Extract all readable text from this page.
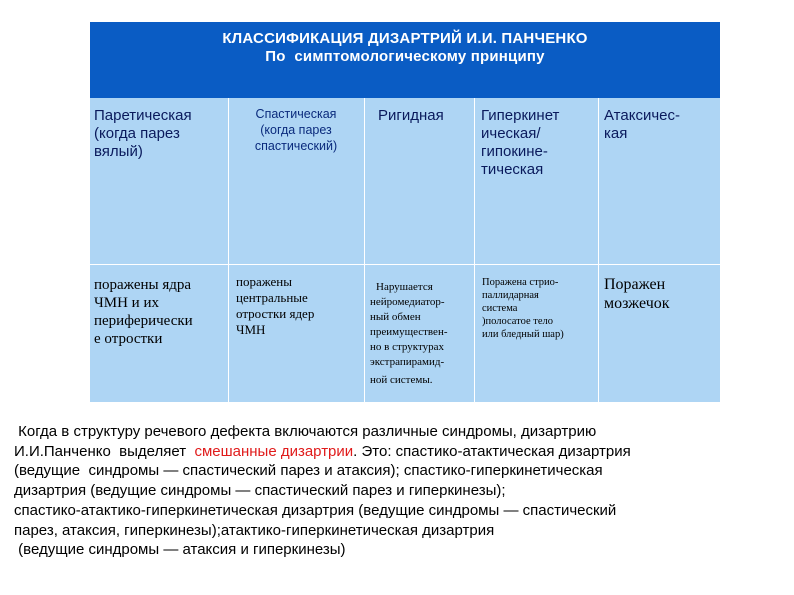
КЛАССИФИКАЦИЯ ДИЗАРТРИЙ И.И. ПАНЧЕНКО
По  симптомологическому принципу
Паретическая
(когда парез
вялый)
Спастическая
(когда парез
спастический)
Ригидная	Гиперкинет
ическая/
гипокине-
тическая
Атаксичес-
кая
поражены ядра
ЧМН и их
периферически
е отростки
поражены
центральные
отростки ядер
ЧМН
Нарушается
нейромедиатор-
ный обмен
преимуществен-
но в структурах
экстрапирамид-
ной системы.
Поражена стрио-
паллидарная
система
)полосатое тело
или бледный шар)
Поражен
мозжечок
Когда в структуру речевого дефекта включаются различные синдромы, дизартрию
И.И.Панченко  выделяет  смешанные дизартрии. Это: спастико-атактическая дизартрия
(ведущие  синдромы — спастический парез и атаксия); спастико-гиперкинетическая
дизартрия (ведущие синдромы — спастический парез и гиперкинезы);
спастико-атактико-гиперкинетическая дизартрия (ведущие синдромы — спастический
парез, атаксия, гиперкинезы);атактико-гиперкинетическая дизартрия
(ведущие синдромы — атаксия и гиперкинезы)
